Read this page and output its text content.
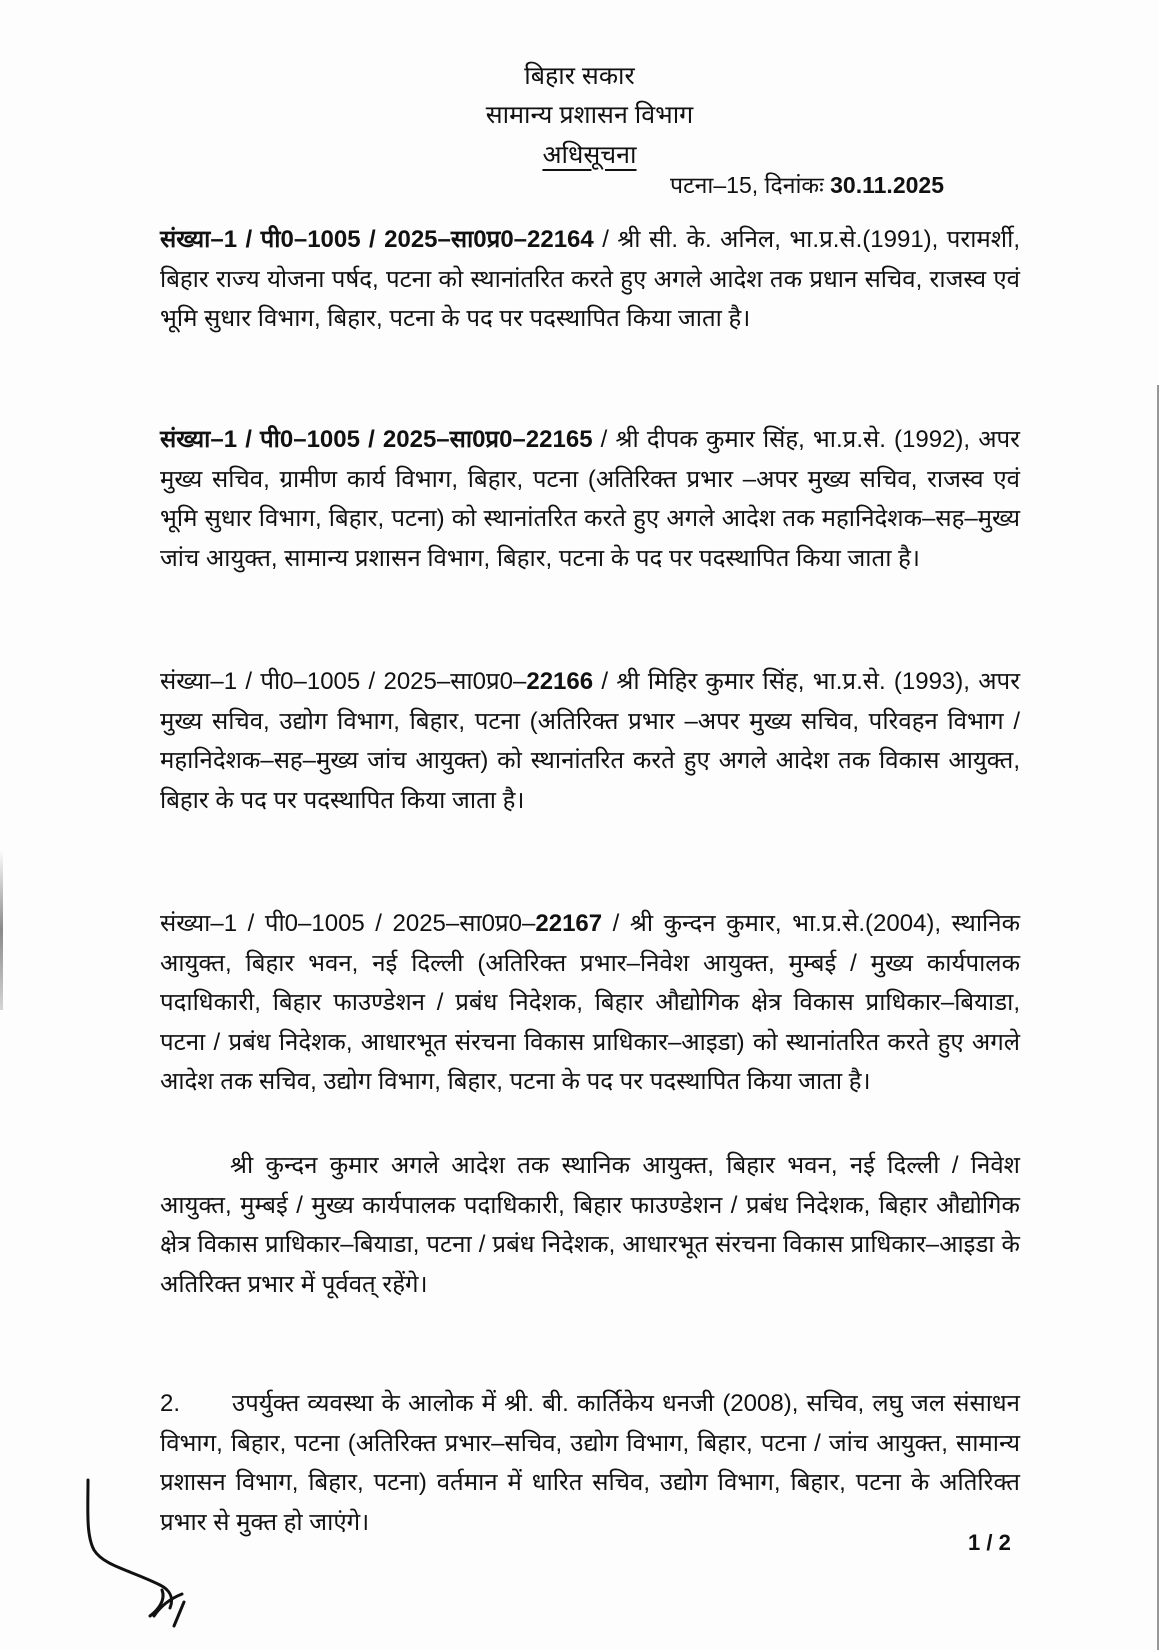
बिहार सकार
सामान्य प्रशासन विभाग
अधिसूचना
पटना–15, दिनांकः 30.11.2025
संख्या–1 / पी0–1005 / 2025–सा0प्र0–22164 / श्री सी. के. अनिल, भा.प्र.से.(1991), परामर्शी, बिहार राज्य योजना पर्षद, पटना को स्थानांतरित करते हुए अगले आदेश तक प्रधान सचिव, राजस्व एवं भूमि सुधार विभाग, बिहार, पटना के पद पर पदस्थापित किया जाता है।
संख्या–1 / पी0–1005 / 2025–सा0प्र0–22165 / श्री दीपक कुमार सिंह, भा.प्र.से. (1992), अपर मुख्य सचिव, ग्रामीण कार्य विभाग, बिहार, पटना (अतिरिक्त प्रभार –अपर मुख्य सचिव, राजस्व एवं भूमि सुधार विभाग, बिहार, पटना) को स्थानांतरित करते हुए अगले आदेश तक महानिदेशक–सह–मुख्य जांच आयुक्त, सामान्य प्रशासन विभाग, बिहार, पटना के पद पर पदस्थापित किया जाता है।
संख्या–1 / पी0–1005 / 2025–सा0प्र0–22166 / श्री मिहिर कुमार सिंह, भा.प्र.से. (1993), अपर मुख्य सचिव, उद्योग विभाग, बिहार, पटना (अतिरिक्त प्रभार –अपर मुख्य सचिव, परिवहन विभाग / महानिदेशक–सह–मुख्य जांच आयुक्त) को स्थानांतरित करते हुए अगले आदेश तक विकास आयुक्त, बिहार के पद पर पदस्थापित किया जाता है।
संख्या–1 / पी0–1005 / 2025–सा0प्र0–22167 / श्री कुन्दन कुमार, भा.प्र.से.(2004), स्थानिक आयुक्त, बिहार भवन, नई दिल्ली (अतिरिक्त प्रभार–निवेश आयुक्त, मुम्बई / मुख्य कार्यपालक पदाधिकारी, बिहार फाउण्डेशन / प्रबंध निदेशक, बिहार औद्योगिक क्षेत्र विकास प्राधिकार–बियाडा, पटना / प्रबंध निदेशक, आधारभूत संरचना विकास प्राधिकार–आइडा) को स्थानांतरित करते हुए अगले आदेश तक सचिव, उद्योग विभाग, बिहार, पटना के पद पर पदस्थापित किया जाता है।
श्री कुन्दन कुमार अगले आदेश तक स्थानिक आयुक्त, बिहार भवन, नई दिल्ली / निवेश आयुक्त, मुम्बई / मुख्य कार्यपालक पदाधिकारी, बिहार फाउण्डेशन / प्रबंध निदेशक, बिहार औद्योगिक क्षेत्र विकास प्राधिकार–बियाडा, पटना / प्रबंध निदेशक, आधारभूत संरचना विकास प्राधिकार–आइडा के अतिरिक्त प्रभार में पूर्ववत् रहेंगे।
2. उपर्युक्त व्यवस्था के आलोक में श्री. बी. कार्तिकेय धनजी (2008), सचिव, लघु जल संसाधन विभाग, बिहार, पटना (अतिरिक्त प्रभार–सचिव, उद्योग विभाग, बिहार, पटना / जांच आयुक्त, सामान्य प्रशासन विभाग, बिहार, पटना) वर्तमान में धारित सचिव, उद्योग विभाग, बिहार, पटना के अतिरिक्त प्रभार से मुक्त हो जाएंगे।
1 / 2
